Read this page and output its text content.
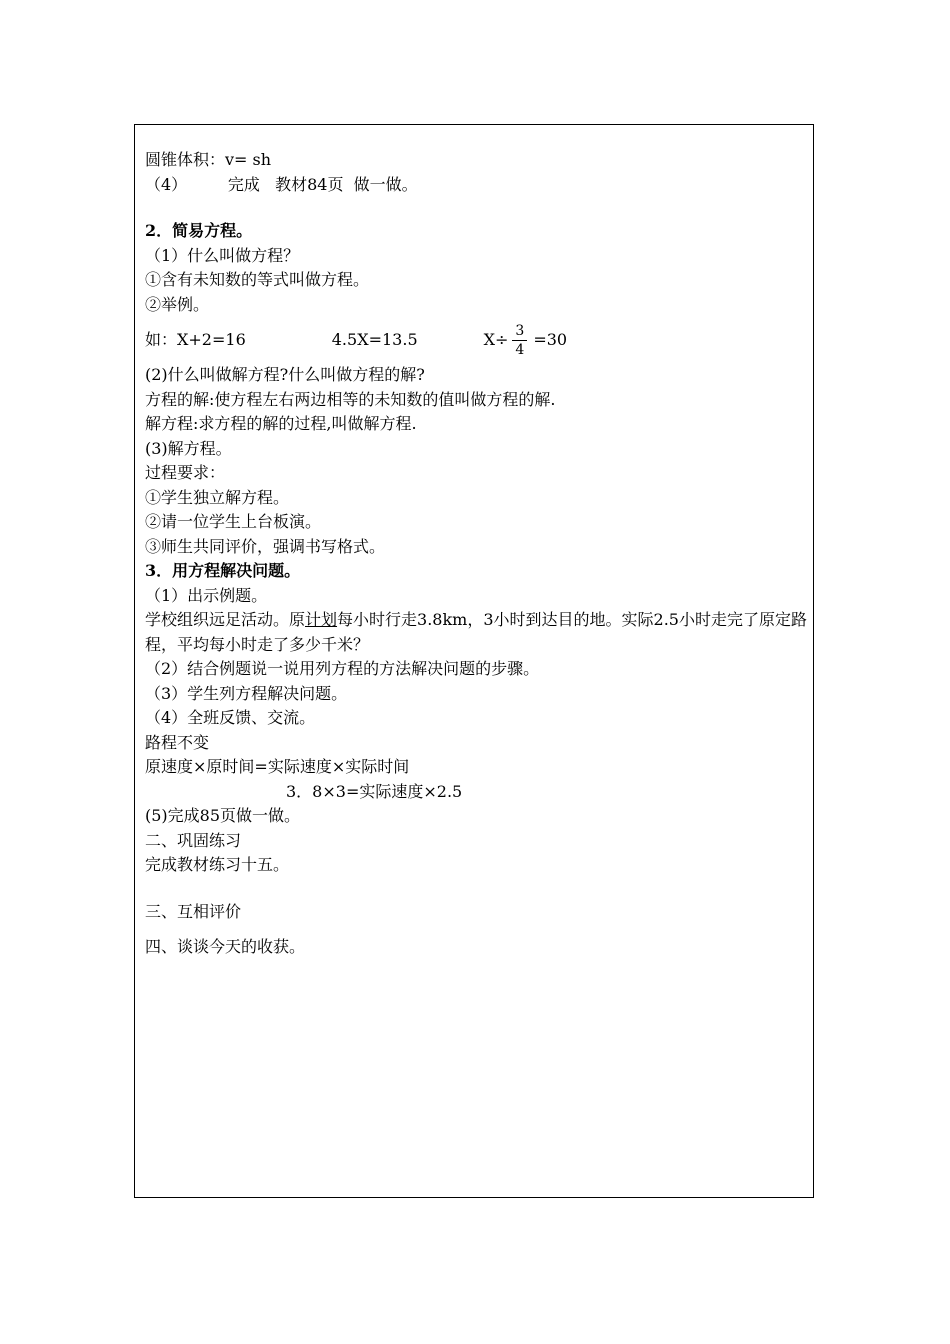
圆锥体积：v= sh
（4）        完成   教材84页  做一做。
2．简易方程。
（1）什么叫做方程？
①含有未知数的等式叫做方程。
②举例。
如：X+2=16	4.5X=13.5	$X\div \frac{3}{4} =30$
(2)什么叫做解方程?什么叫做方程的解?
方程的解:使方程左右两边相等的未知数的值叫做方程的解.
解方程:求方程的解的过程,叫做解方程.
(3)解方程。
过程要求：
①学生独立解方程。
②请一位学生上台板演。
③师生共同评价，强调书写格式。
3．用方程解决问题。
（1）出示例题。
学校组织远足活动。原计划每小时行走3.8km，3小时到达目的地。实际2.5小时走完了原定路程，平均每小时走了多少千米？
（2）结合例题说一说用列方程的方法解决问题的步骤。
（3）学生列方程解决问题。
（4）全班反馈、交流。
路程不变
原速度×原时间=实际速度×实际时间
3．8×3=实际速度×2.5
(5)完成85页做一做。
二、巩固练习
完成教材练习十五。
三、互相评价
四、谈谈今天的收获。
